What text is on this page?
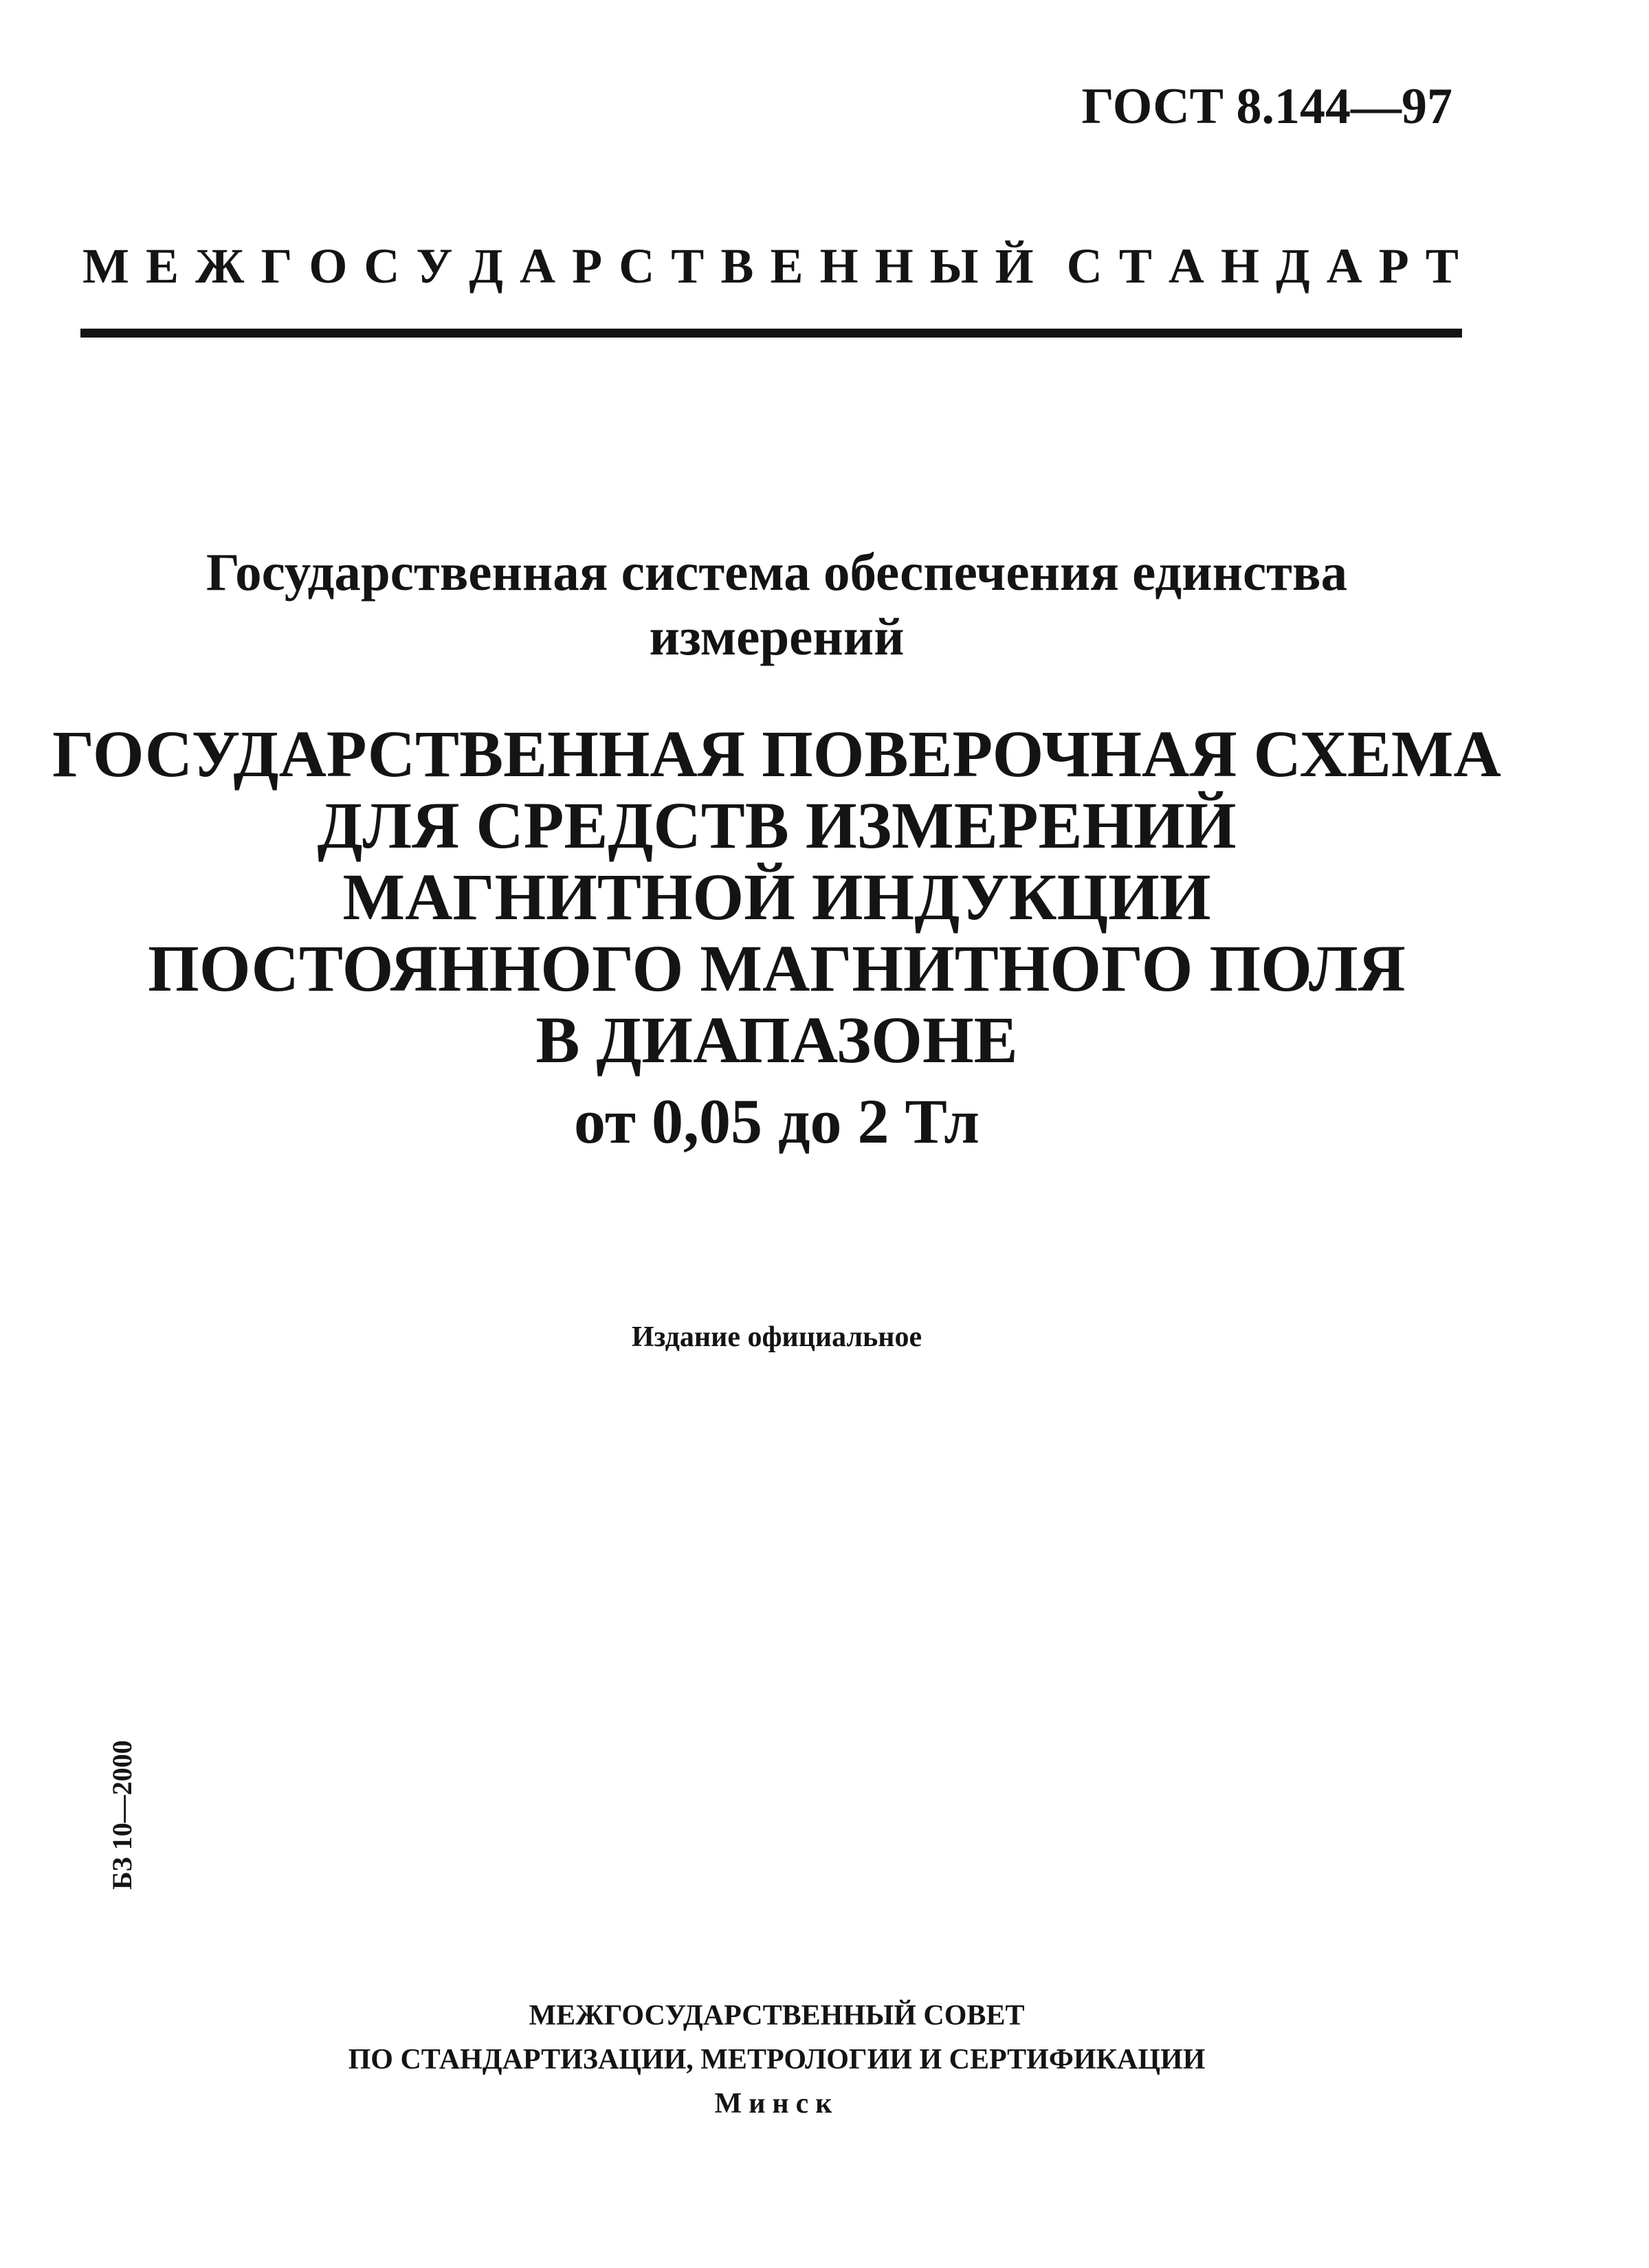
ГОСТ 8.144—97
М Е Ж Г О С У Д А Р С Т В Е Н Н Ы Й С Т А Н Д А Р Т
Государственная система обеспечения единства
измерений
ГОСУДАРСТВЕННАЯ ПОВЕРОЧНАЯ СХЕМА
ДЛЯ СРЕДСТВ ИЗМЕРЕНИЙ
МАГНИТНОЙ ИНДУКЦИИ
ПОСТОЯННОГО МАГНИТНОГО ПОЛЯ
В ДИАПАЗОНЕ
от 0,05 до 2 Тл
Издание официальное
БЗ 10—2000
МЕЖГОСУДАРСТВЕННЫЙ СОВЕТ
ПО СТАНДАРТИЗАЦИИ, МЕТРОЛОГИИ И СЕРТИФИКАЦИИ
Минск
